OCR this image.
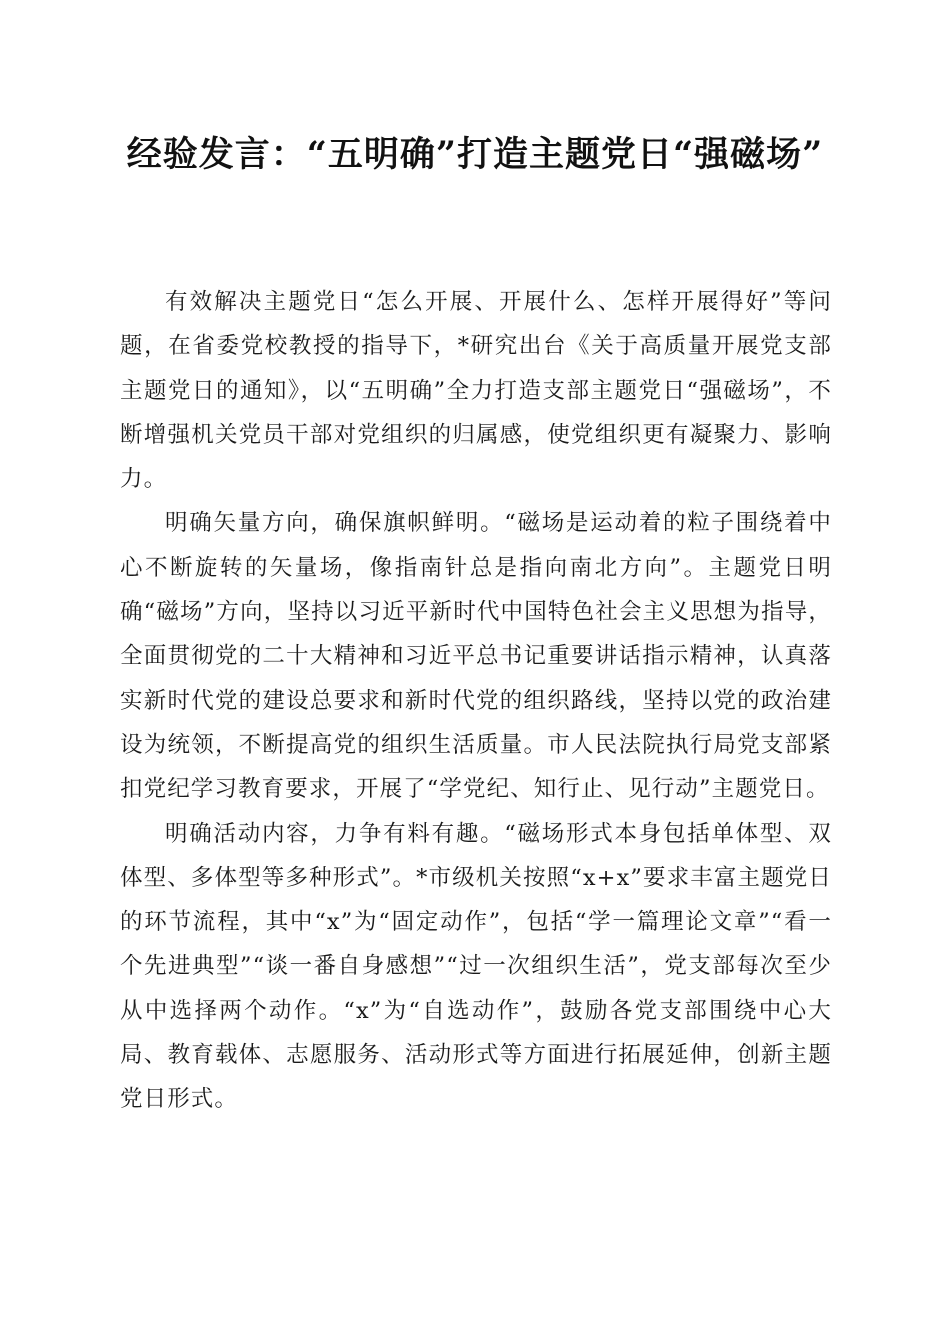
经验发言：“五明确”打造主题党日“强磁场”

有效解决主题党日“怎么开展、开展什么、怎样开展得好”等问题，在省委党校教授的指导下，*研究出台《关于高质量开展党支部主题党日的通知》，以“五明确”全力打造支部主题党日“强磁场”，不断增强机关党员干部对党组织的归属感，使党组织更有凝聚力、影响力。

明确矢量方向，确保旗帜鲜明。“磁场是运动着的粒子围绕着中心不断旋转的矢量场，像指南针总是指向南北方向”。主题党日明确“磁场”方向，坚持以习近平新时代中国特色社会主义思想为指导，全面贯彻党的二十大精神和习近平总书记重要讲话指示精神，认真落实新时代党的建设总要求和新时代党的组织路线，坚持以党的政治建设为统领，不断提高党的组织生活质量。市人民法院执行局党支部紧扣党纪学习教育要求，开展了“学党纪、知行止、见行动”主题党日。

明确活动内容，力争有料有趣。“磁场形式本身包括单体型、双体型、多体型等多种形式”。*市级机关按照“x+x”要求丰富主题党日的环节流程，其中“x”为“固定动作”，包括“学一篇理论文章”“看一个先进典型”“谈一番自身感想”“过一次组织生活”，党支部每次至少从中选择两个动作。“x”为“自选动作”，鼓励各党支部围绕中心大局、教育载体、志愿服务、活动形式等方面进行拓展延伸，创新主题党日形式。
